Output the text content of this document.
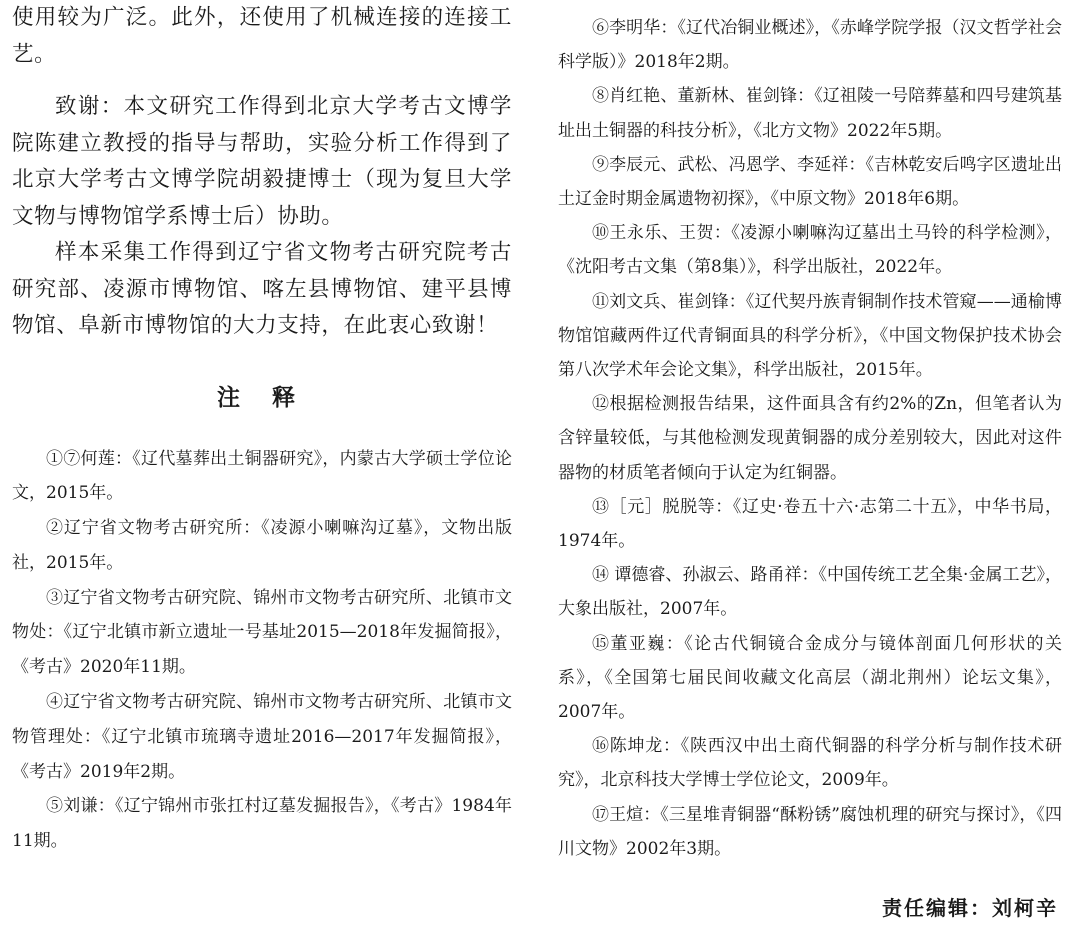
使用较为广泛。此外，还使用了机械连接的连接工艺。

致谢：本文研究工作得到北京大学考古文博学院陈建立教授的指导与帮助，实验分析工作得到了北京大学考古文博学院胡毅捷博士（现为复旦大学文物与博物馆学系博士后）协助。

样本采集工作得到辽宁省文物考古研究院考古研究部、凌源市博物馆、喀左县博物馆、建平县博物馆、阜新市博物馆的大力支持，在此衷心致谢！

注 释

①⑦何莲：《辽代墓葬出土铜器研究》，内蒙古大学硕士学位论文，2015年。

②辽宁省文物考古研究所：《凌源小喇嘛沟辽墓》，文物出版社，2015年。

③辽宁省文物考古研究院、锦州市文物考古研究所、北镇市文物处：《辽宁北镇市新立遗址一号基址2015—2018年发掘简报》，《考古》2020年11期。

④辽宁省文物考古研究院、锦州市文物考古研究所、北镇市文物管理处：《辽宁北镇市琉璃寺遗址2016—2017年发掘简报》，《考古》2019年2期。

⑤刘谦：《辽宁锦州市张扛村辽墓发掘报告》，《考古》1984年11期。

⑥李明华：《辽代冶铜业概述》，《赤峰学院学报（汉文哲学社会科学版）》2018年2期。

⑧肖红艳、董新林、崔剑锋：《辽祖陵一号陪葬墓和四号建筑基址出土铜器的科技分析》，《北方文物》2022年5期。

⑨李辰元、武松、冯恩学、李延祥：《吉林乾安后鸣字区遗址出土辽金时期金属遗物初探》，《中原文物》2018年6期。

⑩王永乐、王贺：《凌源小喇嘛沟辽墓出土马铃的科学检测》，《沈阳考古文集（第8集）》，科学出版社，2022年。

⑪刘文兵、崔剑锋：《辽代契丹族青铜制作技术管窥——通榆博物馆馆藏两件辽代青铜面具的科学分析》，《中国文物保护技术协会第八次学术年会论文集》，科学出版社，2015年。

⑫根据检测报告结果，这件面具含有约2%的Zn，但笔者认为含锌量较低，与其他检测发现黄铜器的成分差别较大，因此对这件器物的材质笔者倾向于认定为红铜器。

⑬［元］脱脱等：《辽史·卷五十六·志第二十五》，中华书局，1974年。

⑭ 谭德睿、孙淑云、路甬祥：《中国传统工艺全集·金属工艺》，大象出版社，2007年。

⑮董亚巍：《论古代铜镜合金成分与镜体剖面几何形状的关系》，《全国第七届民间收藏文化高层（湖北荆州）论坛文集》，2007年。

⑯陈坤龙：《陕西汉中出土商代铜器的科学分析与制作技术研究》，北京科技大学博士学位论文，2009年。

⑰王煊：《三星堆青铜器“酥粉锈”腐蚀机理的研究与探讨》，《四川文物》2002年3期。

责任编辑：刘柯辛
